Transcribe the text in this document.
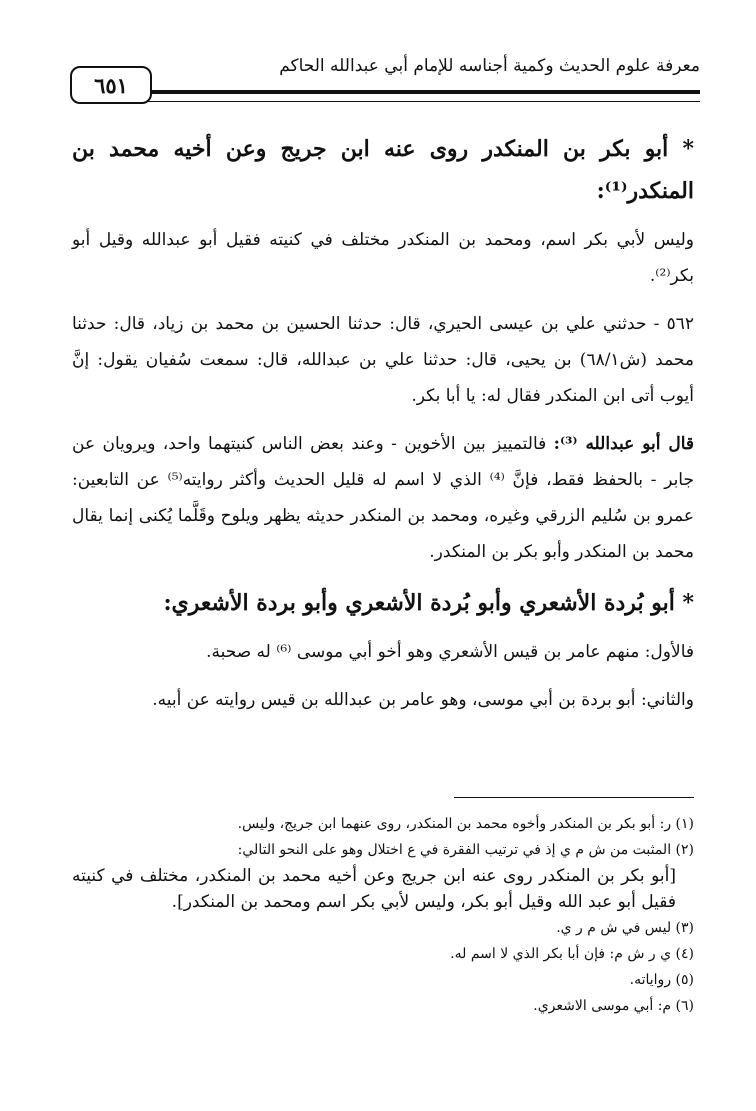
معرفة علوم الحديث وكمية أجناسه للإمام أبي عبدالله الحاكم
٦٥١

* أبو بكر بن المنكدر روى عنه ابن جريج وعن أخيه محمد بن المنكدر⁽¹⁾:

وليس لأبي بكر اسم، ومحمد بن المنكدر مختلف في كنيته فقيل أبو عبدالله وقيل أبو بكر⁽²⁾.

٥٦٢ - حدثني علي بن عيسى الحيري، قال: حدثنا الحسين بن محمد بن زياد، قال: حدثنا محمد (ش٦٨/١) بن يحيى، قال: حدثنا علي بن عبدالله، قال: سمعت سُفيان يقول: إنَّ أيوب أتى ابن المنكدر فقال له: يا أبا بكر.

قال أبو عبدالله ⁽³⁾: فالتمييز بين الأخوين - وعند بعض الناس كنيتهما واحد، ويرويان عن جابر - بالحفظ فقط، فإنَّ ⁽⁴⁾ الذي لا اسم له قليل الحديث وأكثر روايته⁽⁵⁾ عن التابعين: عمرو بن سُليم الزرقي وغيره، ومحمد بن المنكدر حديثه يظهر ويلوح وقَلَّما يُكنى إنما يقال محمد بن المنكدر وأبو بكر بن المنكدر.

* أبو بُردة الأشعري وأبو بُردة الأشعري وأبو بردة الأشعري:

فالأول: منهم عامر بن قيس الأشعري وهو أخو أبي موسى ⁽⁶⁾ له صحبة.

والثاني: أبو بردة بن أبي موسى، وهو عامر بن عبدالله بن قيس روايته عن أبيه.

(١) ر: أبو بكر بن المنكدر وأخوه محمد بن المنكدر، روى عنهما ابن جريج، وليس.

(٢) المثبت من ش م ي إذ في ترتيب الفقرة في ع اختلال وهو على النحو التالي:

[أبو بكر بن المنكدر روى عنه ابن جريج وعن أخيه محمد بن المنكدر، مختلف في كنيته فقيل أبو عبد الله وقيل أبو بكر، وليس لأبي بكر اسم ومحمد بن المنكدر].

(٣) ليس في ش م ر ي.

(٤) ي ر ش م: فإن أبا بكر الذي لا اسم له.

(٥) رواياته.

(٦) م: أبي موسى الاشعري.
